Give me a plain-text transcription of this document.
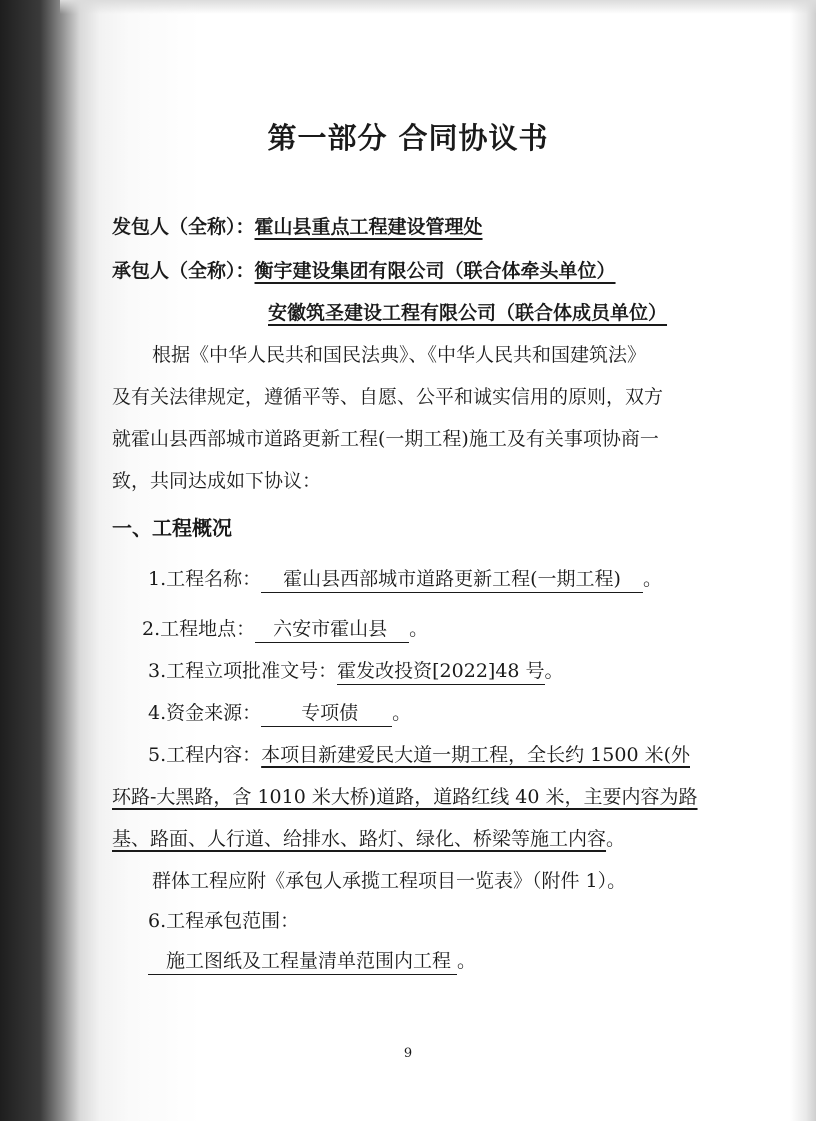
第一部分 合同协议书
发包人（全称）：霍山县重点工程建设管理处
承包人（全称）：衡宇建设集团有限公司（联合体牵头单位）
安徽筑圣建设工程有限公司（联合体成员单位）
根据《中华人民共和国民法典》、《中华人民共和国建筑法》
及有关法律规定，遵循平等、自愿、公平和诚实信用的原则，双方
就霍山县西部城市道路更新工程(一期工程)施工及有关事项协商一
致，共同达成如下协议：
一、工程概况
1.工程名称： 霍山县西部城市道路更新工程(一期工程) 。
2.工程地点： 六安市霍山县 。
3.工程立项批准文号：霍发改投资[2022]48 号。
4.资金来源： 专项债 。
5.工程内容：本项目新建爱民大道一期工程，全长约 1500 米(外
环路-大黑路，含 1010 米大桥)道路，道路红线 40 米，主要内容为路
基、路面、人行道、给排水、路灯、绿化、桥梁等施工内容。
群体工程应附《承包人承揽工程项目一览表》（附件 1）。
6.工程承包范围：
施工图纸及工程量清单范围内工程 。
9
